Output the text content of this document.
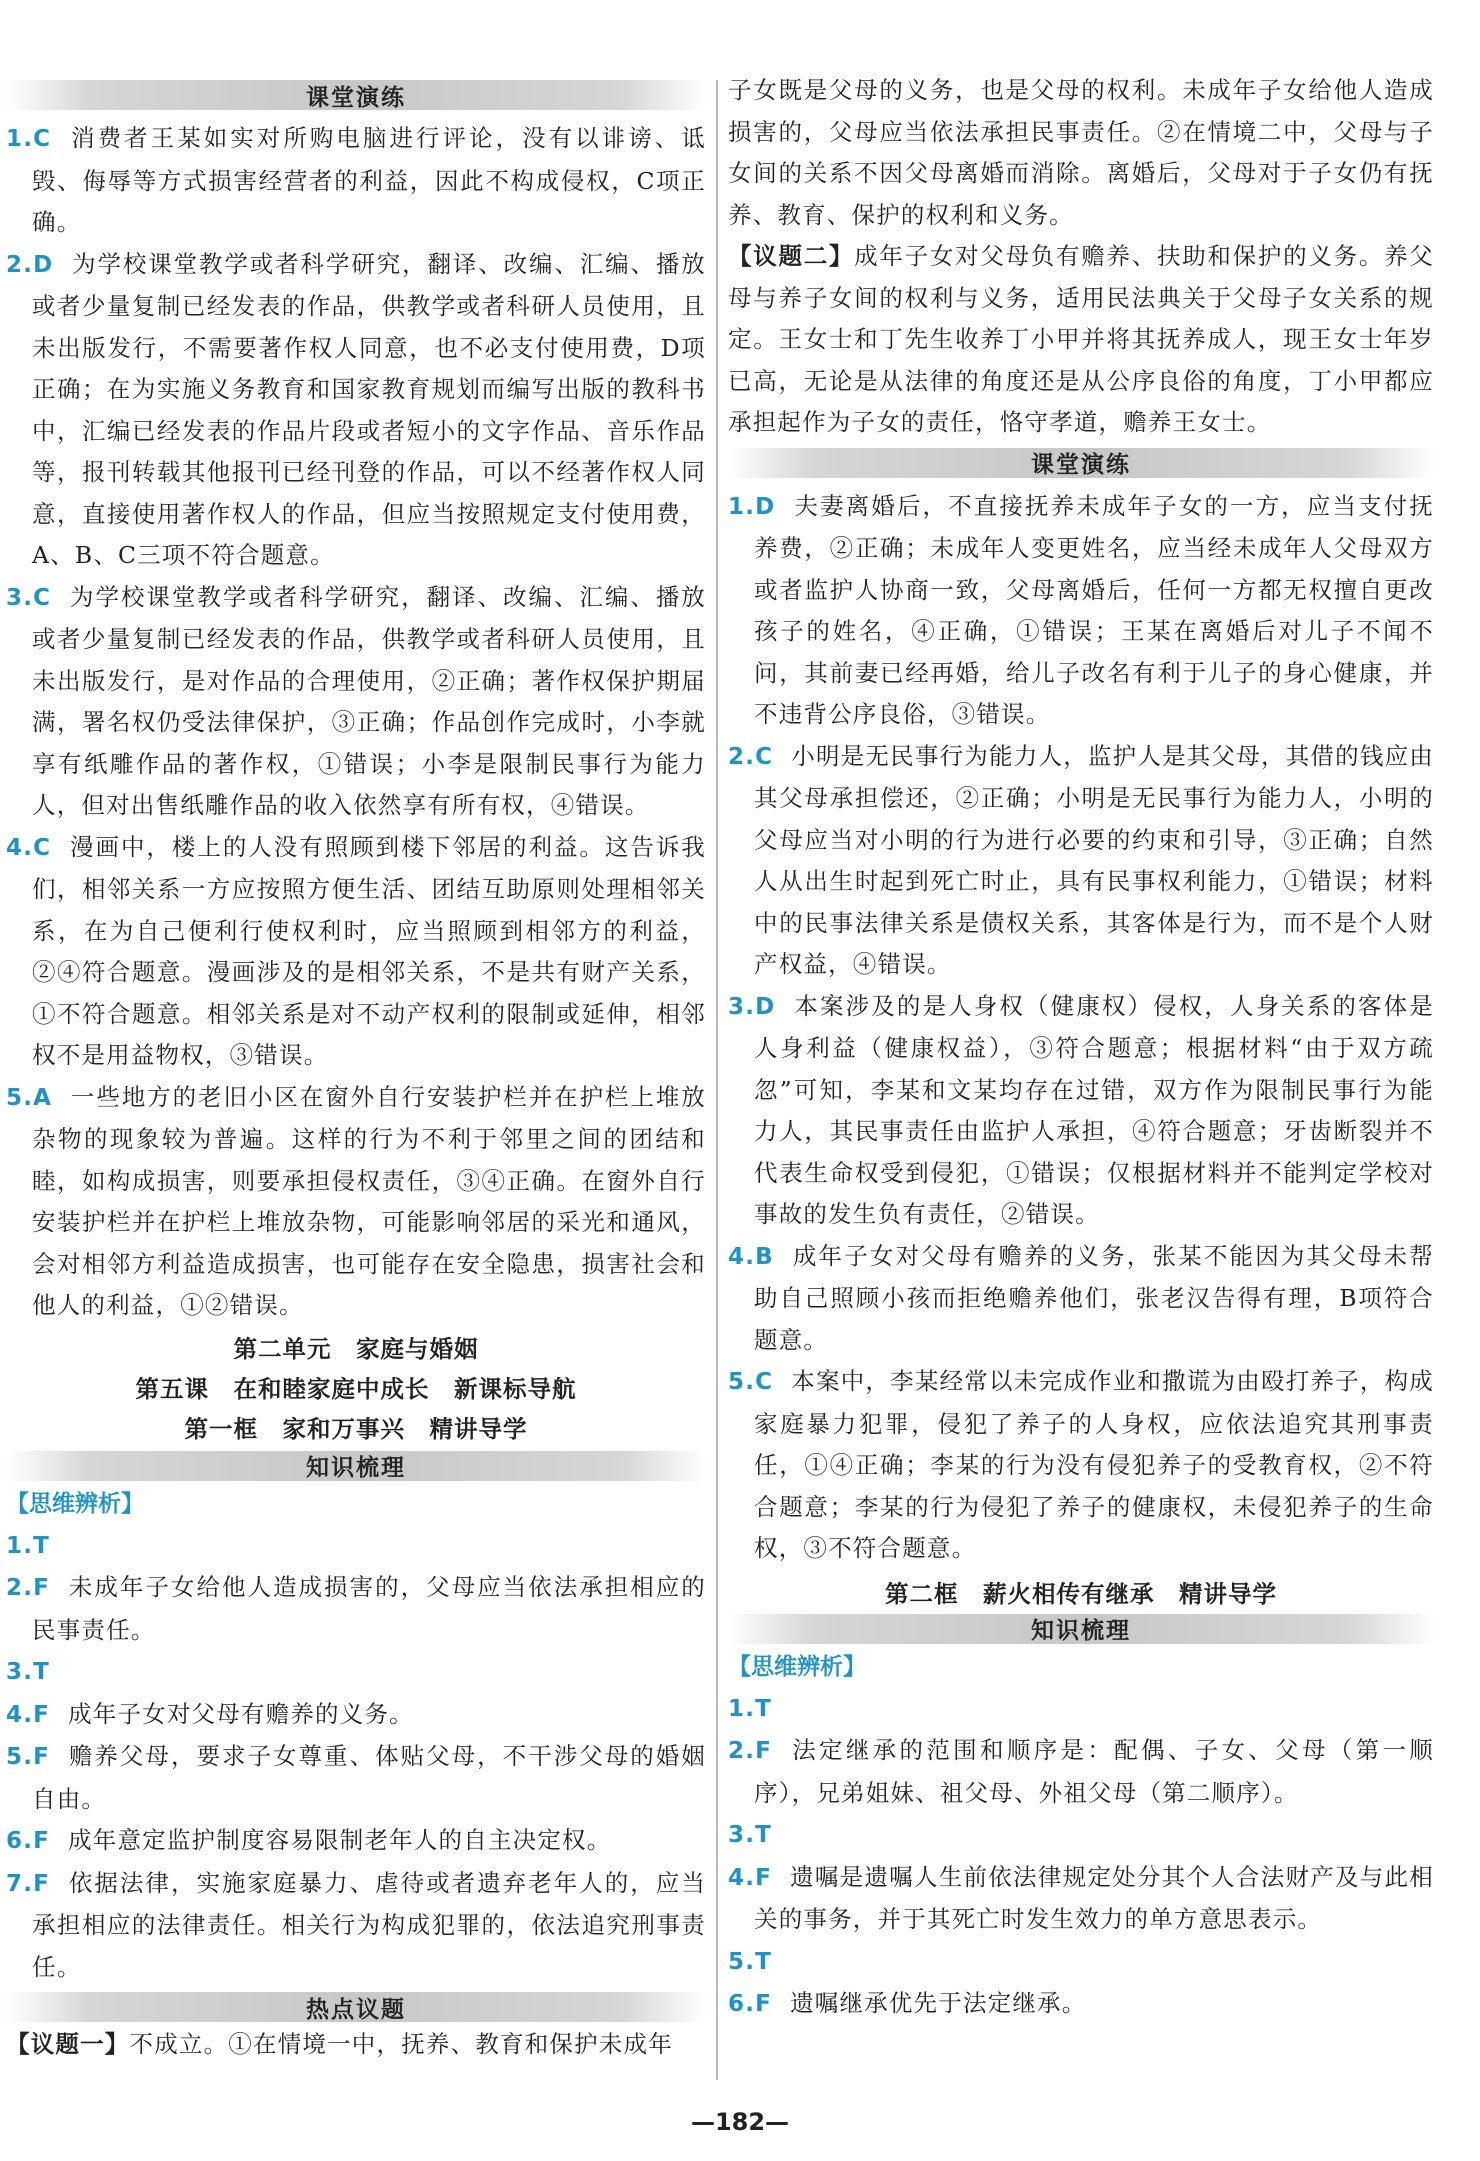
课堂演练

1.C 消费者王某如实对所购电脑进行评论，没有以诽谤、诋毁、侮辱等方式损害经营者的利益，因此不构成侵权，C项正确。

2.D 为学校课堂教学或者科学研究，翻译、改编、汇编、播放或者少量复制已经发表的作品，供教学或者科研人员使用，且未出版发行，不需要著作权人同意，也不必支付使用费，D项正确；在为实施义务教育和国家教育规划而编写出版的教科书中，汇编已经发表的作品片段或者短小的文字作品、音乐作品等，报刊转载其他报刊已经刊登的作品，可以不经著作权人同意，直接使用著作权人的作品，但应当按照规定支付使用费，A、B、C三项不符合题意。

3.C 为学校课堂教学或者科学研究，翻译、改编、汇编、播放或者少量复制已经发表的作品，供教学或者科研人员使用，且未出版发行，是对作品的合理使用，②正确；著作权保护期届满，署名权仍受法律保护，③正确；作品创作完成时，小李就享有纸雕作品的著作权，①错误；小李是限制民事行为能力人，但对出售纸雕作品的收入依然享有所有权，④错误。

4.C 漫画中，楼上的人没有照顾到楼下邻居的利益。这告诉我们，相邻关系一方应按照方便生活、团结互助原则处理相邻关系，在为自己便利行使权利时，应当照顾到相邻方的利益，②④符合题意。漫画涉及的是相邻关系，不是共有财产关系，①不符合题意。相邻关系是对不动产权利的限制或延伸，相邻权不是用益物权，③错误。

5.A 一些地方的老旧小区在窗外自行安装护栏并在护栏上堆放杂物的现象较为普遍。这样的行为不利于邻里之间的团结和睦，如构成损害，则要承担侵权责任，③④正确。在窗外自行安装护栏并在护栏上堆放杂物，可能影响邻居的采光和通风，会对相邻方利益造成损害，也可能存在安全隐患，损害社会和他人的利益，①②错误。

第二单元　家庭与婚姻
第五课　在和睦家庭中成长　新课标导航
第一框　家和万事兴　精讲导学
知识梳理
【思维辨析】

1.T

2.F 未成年子女给他人造成损害的，父母应当依法承担相应的民事责任。

3.T

4.F 成年子女对父母有赡养的义务。

5.F 赡养父母，要求子女尊重、体贴父母，不干涉父母的婚姻自由。

6.F 成年意定监护制度容易限制老年人的自主决定权。

7.F 依据法律，实施家庭暴力、虐待或者遗弃老年人的，应当承担相应的法律责任。相关行为构成犯罪的，依法追究刑事责任。

热点议题

【议题一】不成立。①在情境一中，抚养、教育和保护未成年

子女既是父母的义务，也是父母的权利。未成年子女给他人造成损害的，父母应当依法承担民事责任。②在情境二中，父母与子女间的关系不因父母离婚而消除。离婚后，父母对于子女仍有抚养、教育、保护的权利和义务。

【议题二】成年子女对父母负有赡养、扶助和保护的义务。养父母与养子女间的权利与义务，适用民法典关于父母子女关系的规定。王女士和丁先生收养丁小甲并将其抚养成人，现王女士年岁已高，无论是从法律的角度还是从公序良俗的角度，丁小甲都应承担起作为子女的责任，恪守孝道，赡养王女士。

课堂演练

1.D 夫妻离婚后，不直接抚养未成年子女的一方，应当支付抚养费，②正确；未成年人变更姓名，应当经未成年人父母双方或者监护人协商一致，父母离婚后，任何一方都无权擅自更改孩子的姓名，④正确，①错误；王某在离婚后对儿子不闻不问，其前妻已经再婚，给儿子改名有利于儿子的身心健康，并不违背公序良俗，③错误。

2.C 小明是无民事行为能力人，监护人是其父母，其借的钱应由其父母承担偿还，②正确；小明是无民事行为能力人，小明的父母应当对小明的行为进行必要的约束和引导，③正确；自然人从出生时起到死亡时止，具有民事权利能力，①错误；材料中的民事法律关系是债权关系，其客体是行为，而不是个人财产权益，④错误。

3.D 本案涉及的是人身权（健康权）侵权，人身关系的客体是人身利益（健康权益），③符合题意；根据材料“由于双方疏忽”可知，李某和文某均存在过错，双方作为限制民事行为能力人，其民事责任由监护人承担，④符合题意；牙齿断裂并不代表生命权受到侵犯，①错误；仅根据材料并不能判定学校对事故的发生负有责任，②错误。

4.B 成年子女对父母有赡养的义务，张某不能因为其父母未帮助自己照顾小孩而拒绝赡养他们，张老汉告得有理，B项符合题意。

5.C 本案中，李某经常以未完成作业和撒谎为由殴打养子，构成家庭暴力犯罪，侵犯了养子的人身权，应依法追究其刑事责任，①④正确；李某的行为没有侵犯养子的受教育权，②不符合题意；李某的行为侵犯了养子的健康权，未侵犯养子的生命权，③不符合题意。

第二框　薪火相传有继承　精讲导学
知识梳理
【思维辨析】

1.T

2.F 法定继承的范围和顺序是：配偶、子女、父母（第一顺序），兄弟姐妹、祖父母、外祖父母（第二顺序）。

3.T

4.F 遗嘱是遗嘱人生前依法律规定处分其个人合法财产及与此相关的事务，并于其死亡时发生效力的单方意思表示。

5.T

6.F 遗嘱继承优先于法定继承。

—182—
